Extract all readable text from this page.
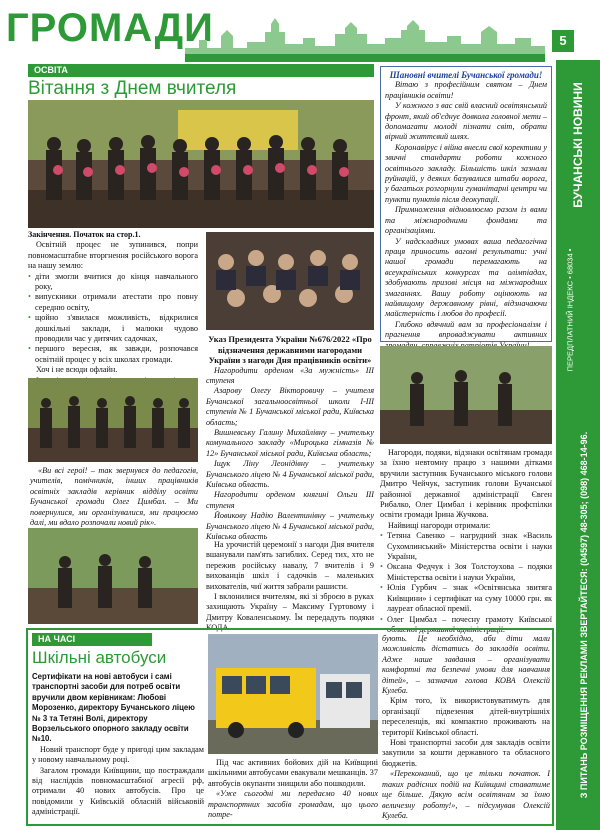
ГРОМАДИ	5
БУЧАНСЬКІ НОВИНИ
ПЕРЕДПЛАТНИЙ ІНДЕКС • 68034 •
З ПИТАНЬ РОЗМІЩЕННЯ РЕКЛАМИ ЗВЕРТАЙТЕСЯ: (04597) 48-305; (098) 468-14-96.
ОСВІТА
Вітання з Днем вчителя

Закінчення. Початок на стор.1.

Освітній процес не зупинився, попри повномасштабне вторгнення російського ворога на нашу землю:

• діти змогли вчитися до кінця навчального року,
• випускники отримали атестати про повну середню освіту,
• щойно з'явилася можливість, відкрилися дошкільні заклади, і малюки чудово проводили час у дитячих садочках,
• першого вересня, як завжди, розпочався освітній процес у всіх школах громади.

Хоч і не всюди офлайн.

«Ви всі герої! – так звернувся до педагогів, учителів, помічників, інших працівників освітніх закладів керівник відділу освіти Бучанської громади Олег Цимбал. – Ми повернулися, ми організувалися, ми працюємо далі, ми вдало розпочали новий рік».

Указ Президента України №676/2022 «Про відзначення державними нагородами України з нагоди Дня працівників освіти»

Нагородити орденом «За мужність» III ступеня

Азарову Олегу Вікторовичу – учителя Бучанської загальноосвітньої школи I-III ступенів № 1 Бучанської міської ради, Київська область;

Вишневську Галину Михайлівну – учительку комунального закладу «Мироцька гімназія № 12» Бучанської міської ради, Київська область;

Іщук Ліну Леонідівну – учительку Бучанського ліцею № 4 Бучанської міської ради, Київська область.

Нагородити орденом княгині Ольги III ступеня

Йовикову Надію Валентинівну – учительку Бучанського ліцею № 4 Бучанської міської ради, Київська область

На урочистій церемонії з нагоди Дня вчителя вшанували пам'ять загиблих. Серед тих, хто не пережив російську навалу, 7 вчителів і 9 вихованців шкіл і садочків – маленьких вихователів, чиї життя забрали рашисти.

І вклонилися вчителям, які зі зброєю в руках захищають Україну – Максиму Гуртовому і Дмитру Коваленському. Їм передадуть подяки КОДА.

Шановні вчителі Бучанської громади!

Вітаю з професійним святом – Днем працівників освіти!

У кожного з вас свій власний освітянський фронт, який об'єднує довкола головної мети – допомагати молоді пізнати світ, обрати вірний життєвий шлях.

Коронавірус і війна внесли свої корективи у звичні стандарти роботи кожного освітнього закладу. Більшість шкіл зазнали руйнацій, у деяких базувалися штаби ворога, у багатьох розгорнули гуманітарні центри чи пункти пунктів після деокупації.

Примноження відновлюємо разом із вами та міжнародними фондами та організаціями.

У надскладних умовах ваша педагогічна праця приносить вагомі результати: учні нашої громади перемагають на всеукраїнських конкурсах та олімпіадах, здобувають призові місця на міжнародних змаганнях. Вашу роботу оцінюють на найвищому державному рівні, відзначаючи майстерність і любов до професії.

Глибоко вдячний вам за професіоналізм і прагнення впроваджувати активних

Нагороди, подяки, відзнаки освітянам громади за їхню невтомну працю з нашими дітками вручили заступник Бучанського міського голови Дмитро Чейчук, заступник голови Бучанської районної державної адміністрації Євген Рибалко, Олег Цимбал і керівник профспілки освіти громади Ірина Жучкова.

Найвищі нагороди отримали:

• Тетяна Савенко – нагрудний знак «Василь Сухомлинський» Міністерства освіти і науки України,
• Оксана Федчук і Зоя Толстоухова – подяки Міністерства освіти і науки України,
• Юлія Гурбич – знак «Освітянська звитяга Київщини» і сертифікат на суму 10000 грн. як лауреат обласної премії.
• Олег Цимбал – почесну грамоту Київської обласної державної адміністрації.
НА ЧАСІ
Шкільні автобуси

Сертифікати на нові автобуси і самі транспортні засоби для потреб освіти вручили двом керівникам: Любові Морозенко, директору Бучанського ліцею № 3 та Тетяні Волі, директору Ворзельського опорного закладу освіти №10.

Новий транспорт буде у пригоді цим закладам у новому навчальному році.

Загалом громади Київщини, що постраждали від наслідків повномасштабної агресії рф, отримали 40 нових автобусів. Про це повідомили у Київській обласній військовій адміністрації.

Під час активних бойових дій на Київщині шкільними автобусами евакували мешканців. 37 автобусів окупанти знищили або пошкодили.

«Уже сьогодні ми передаємо 40 нових транспортних засобів громадам, що цього потре-

бують. Це необхідно, аби діти мали можливість дістатись до закладів освіти. Адже наше завдання – організувати комфортні та безпечні умови для навчання дітей», – зазначив голова КОВА Олексій Кулеба.

Крім того, їх використовуватимуть для організації підвезення дітей-внутрішніх переселенців, які компактно проживають на території Київської області.

Нові транспортні засоби для закладів освіти закупили за кошти державного та обласного бюджетів.

«Переконаний, що це тільки початок. І таких радісних подій на Київщині ставатиме ще більше. Дякую всім освітянам за їхню величезну роботу!», – підсумував Олексій Кулеба.
